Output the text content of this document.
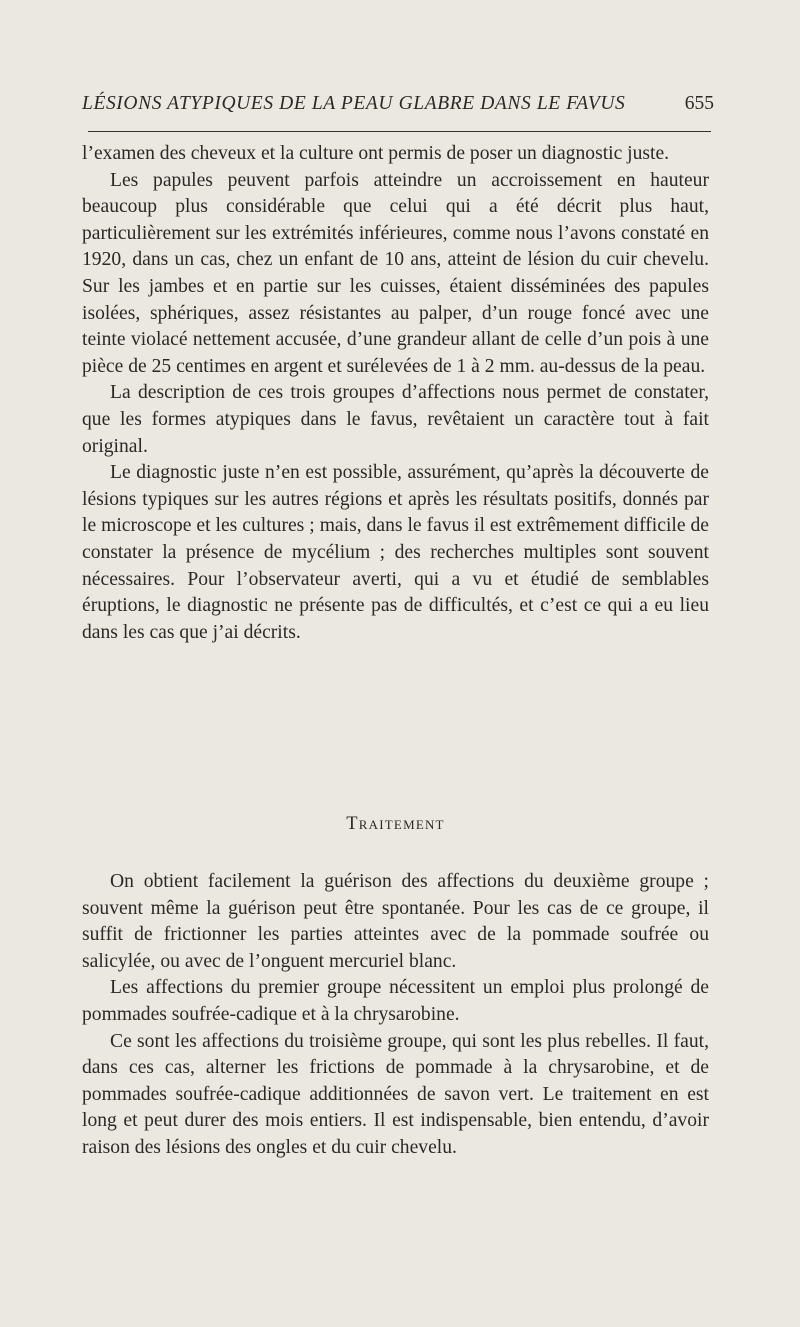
LÉSIONS ATYPIQUES DE LA PEAU GLABRE DANS LE FAVUS	655

l’examen des cheveux et la culture ont permis de poser un diagnostic juste.

Les papules peuvent parfois atteindre un accroissement en hauteur beaucoup plus considérable que celui qui a été décrit plus haut, particulièrement sur les extrémités inférieures, comme nous l’avons constaté en 1920, dans un cas, chez un enfant de 10 ans, atteint de lésion du cuir chevelu. Sur les jambes et en partie sur les cuisses, étaient disséminées des papules isolées, sphériques, assez résistantes au palper, d’un rouge foncé avec une teinte violacé nettement accusée, d’une grandeur allant de celle d’un pois à une pièce de 25 centimes en argent et surélevées de 1 à 2 mm. au-dessus de la peau.

La description de ces trois groupes d’affections nous permet de constater, que les formes atypiques dans le favus, revêtaient un caractère tout à fait original.

Le diagnostic juste n’en est possible, assurément, qu’après la découverte de lésions typiques sur les autres régions et après les résultats positifs, donnés par le microscope et les cultures ; mais, dans le favus il est extrêmement difficile de constater la présence de mycélium ; des recherches multiples sont souvent nécessaires. Pour l’observateur averti, qui a vu et étudié de semblables éruptions, le diagnostic ne présente pas de difficultés, et c’est ce qui a eu lieu dans les cas que j’ai décrits.

Traitement

On obtient facilement la guérison des affections du deuxième groupe ; souvent même la guérison peut être spontanée. Pour les cas de ce groupe, il suffit de frictionner les parties atteintes avec de la pommade soufrée ou salicylée, ou avec de l’onguent mercuriel blanc.

Les affections du premier groupe nécessitent un emploi plus prolongé de pommades soufrée-cadique et à la chrysarobine.

Ce sont les affections du troisième groupe, qui sont les plus rebelles. Il faut, dans ces cas, alterner les frictions de pommade à la chrysarobine, et de pommades soufrée-cadique additionnées de savon vert. Le traitement en est long et peut durer des mois entiers. Il est indispensable, bien entendu, d’avoir raison des lésions des ongles et du cuir chevelu.
